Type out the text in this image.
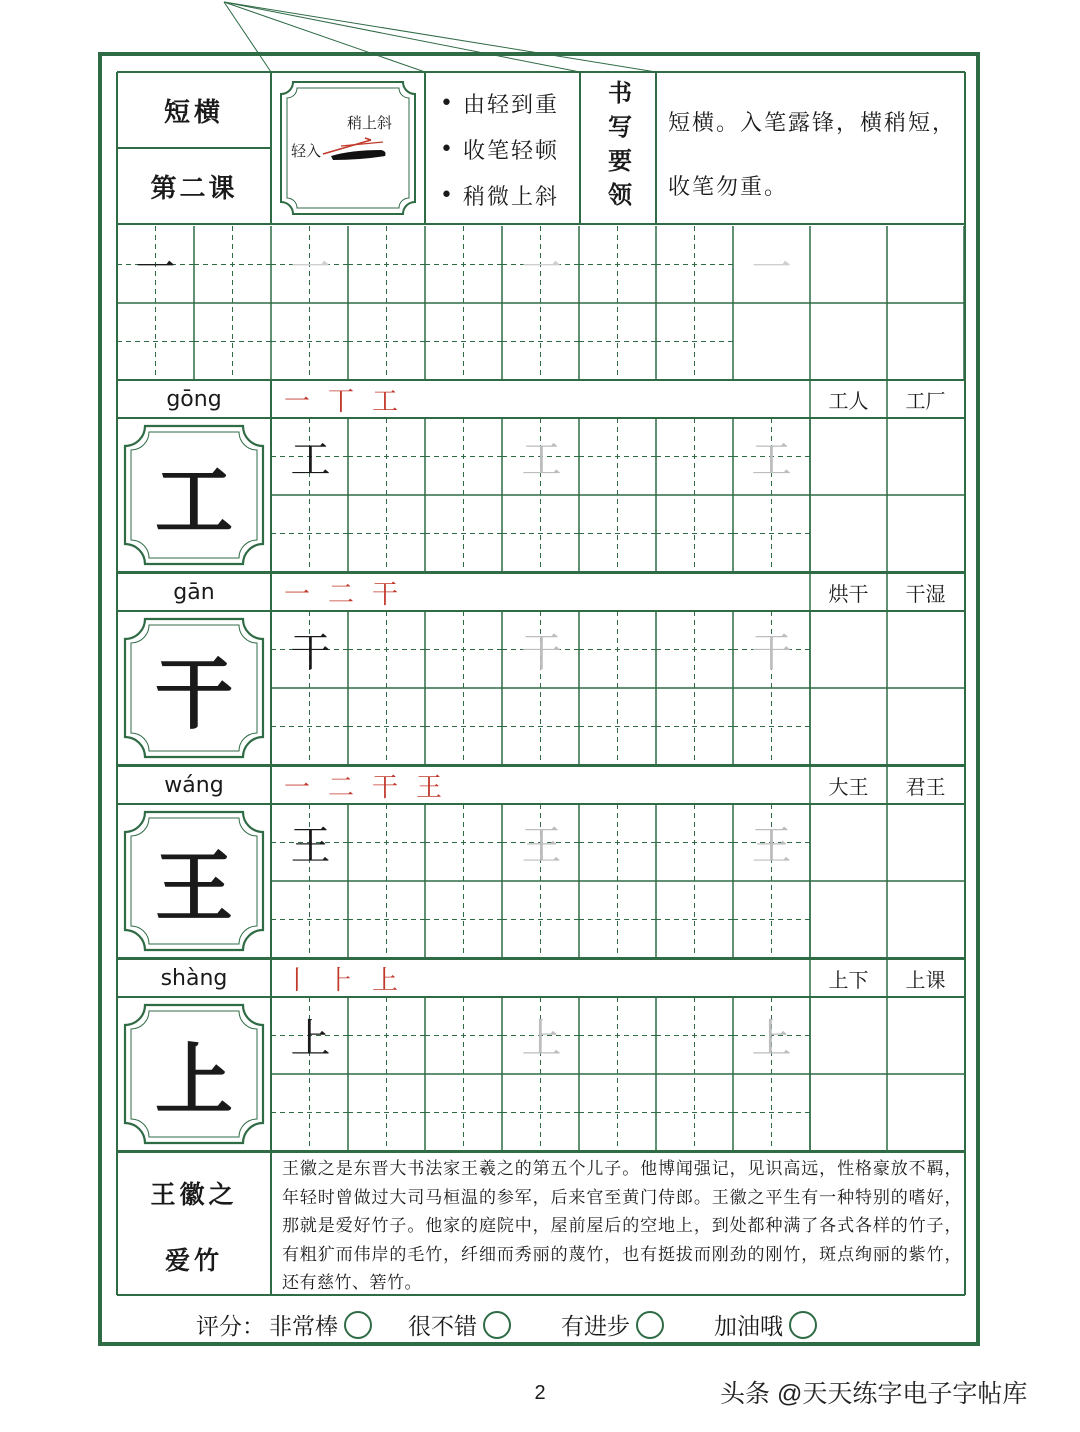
短横
第二课
轻入
稍上斜
• 由轻到重
• 收笔轻顿
• 稍微上斜	书写要领	短横。入笔露锋，横稍短，收笔勿重。
一	一	一	一
gōng	一 丅 工	工人	工厂
工	工	工	工
gān	一 二 干	烘干	干湿
干	干	干	干
wáng	一 二 干 王	大王	君王
王	王	王	王
shàng	丨 ⺊ 上	上下	上课
上	上	上	上
王徽之
爱竹
王徽之是东晋大书法家王羲之的第五个儿子。他博闻强记，见识高远，性格豪放不羁，年轻时曾做过大司马桓温的参军，后来官至黄门侍郎。王徽之平生有一种特别的嗜好，那就是爱好竹子。他家的庭院中，屋前屋后的空地上，到处都种满了各式各样的竹子，有粗犷而伟岸的毛竹，纤细而秀丽的蔑竹，也有挺拔而刚劲的刚竹，斑点绚丽的紫竹，还有慈竹、箬竹。
评分： 非常棒	很不错	有进步	加油哦
2	头条 @天天练字电子字帖库
